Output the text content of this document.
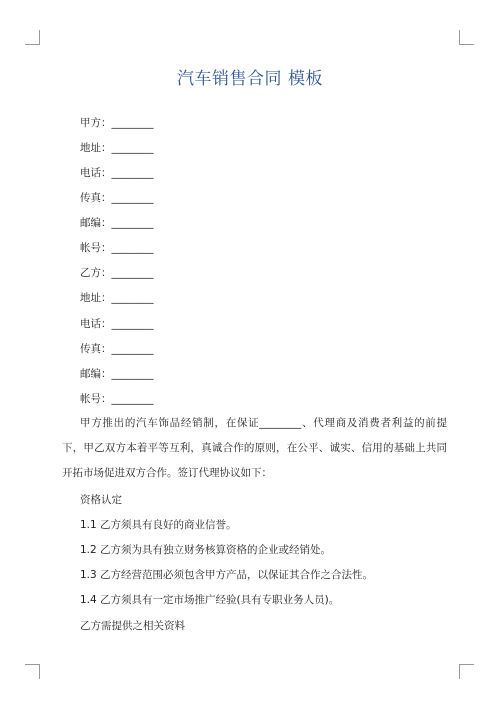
汽车销售合同 模板
甲方：________
地址：________
电话：________
传真：________
邮编：________
帐号：________
乙方：________
地址：________
电话：________
传真：________
邮编：________
帐号：________
甲方推出的汽车饰品经销制，在保证________、代理商及消费者利益的前提下，甲乙双方本着平等互利，真诚合作的原则，在公平、诚实、信用的基础上共同开拓市场促进双方合作。签订代理协议如下：
资格认定
1.1 乙方须具有良好的商业信誉。
1.2 乙方须为具有独立财务核算资格的企业或经销处。
1.3 乙方经营范围必须包含甲方产品，以保证其合作之合法性。
1.4 乙方须具有一定市场推广经验(具有专职业务人员)。
乙方需提供之相关资料
